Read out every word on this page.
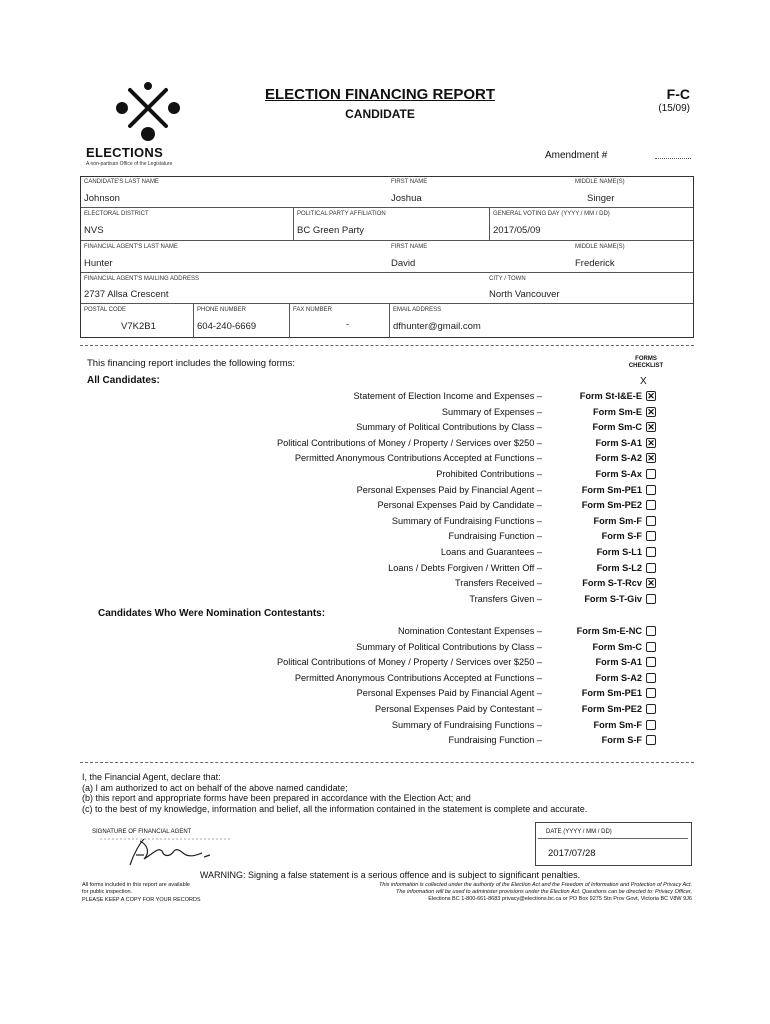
ELECTIONS
A non-partisan Office of the Legislature
ELECTION FINANCING REPORT
CANDIDATE
F-C
(15/09)
Amendment #
CANDIDATE'S LAST NAME
Johnson
FIRST NAME
Joshua
MIDDLE NAME(S)
Singer
ELECTORAL DISTRICT
NVS
POLITICAL PARTY AFFILIATION
BC Green Party
GENERAL VOTING DAY (YYYY / MM / DD)
2017/05/09
FINANCIAL AGENT'S LAST NAME
Hunter
FIRST NAME
David
MIDDLE NAME(S)
Frederick
FINANCIAL AGENT'S MAILING ADDRESS
2737 Allsa Crescent
CITY / TOWN
North Vancouver
POSTAL CODE
V7K2B1
PHONE NUMBER
604-240-6669
FAX NUMBER
-
EMAIL ADDRESS
dfhunter@gmail.com
This financing report includes the following forms:	FORMS
CHECKLIST
X
All Candidates:
Statement of Election Income and Expenses –	Form St-I&E-E ✕
Summary of Expenses –	Form Sm-E ✕
Summary of Political Contributions by Class –	Form Sm-C ✕
Political Contributions of Money / Property / Services over $250 –	Form S-A1 ✕
Permitted Anonymous Contributions Accepted at Functions –	Form S-A2 ✕
Prohibited Contributions –	Form S-Ax
Personal Expenses Paid by Financial Agent –	Form Sm-PE1
Personal Expenses Paid by Candidate –	Form Sm-PE2
Summary of Fundraising Functions –	Form Sm-F
Fundraising Function –	Form S-F
Loans and Guarantees –	Form S-L1
Loans / Debts Forgiven / Written Off –	Form S-L2
Transfers Received –	Form S-T-Rcv ✕
Transfers Given –	Form S-T-Giv
Candidates Who Were Nomination Contestants:
Nomination Contestant Expenses –	Form Sm-E-NC
Summary of Political Contributions by Class –	Form Sm-C
Political Contributions of Money / Property / Services over $250 –	Form S-A1
Permitted Anonymous Contributions Accepted at Functions –	Form S-A2
Personal Expenses Paid by Financial Agent –	Form Sm-PE1
Personal Expenses Paid by Contestant –	Form Sm-PE2
Summary of Fundraising Functions –	Form Sm-F
Fundraising Function –	Form S-F
I, the Financial Agent, declare that:
(a) I am authorized to act on behalf of the above named candidate;
(b) this report and appropriate forms have been prepared in accordance with the Election Act; and
(c) to the best of my knowledge, information and belief, all the information contained in the statement is complete and accurate.
SIGNATURE OF FINANCIAL AGENT	DATE (YYYY / MM / DD)
2017/07/28
WARNING: Signing a false statement is a serious offence and is subject to significant penalties.
All forms included in this report are available
for public inspection.
PLEASE KEEP A COPY FOR YOUR RECORDS
This information is collected under the authority of the Election Act and the Freedom of Information and Protection of Privacy Act.
The information will be used to administer provisions under the Election Act. Questions can be directed to: Privacy Officer,
Elections BC 1-800-661-8683 privacy@elections.bc.ca or PO Box 9275 Stn Prov Govt, Victoria BC V8W 9J6
